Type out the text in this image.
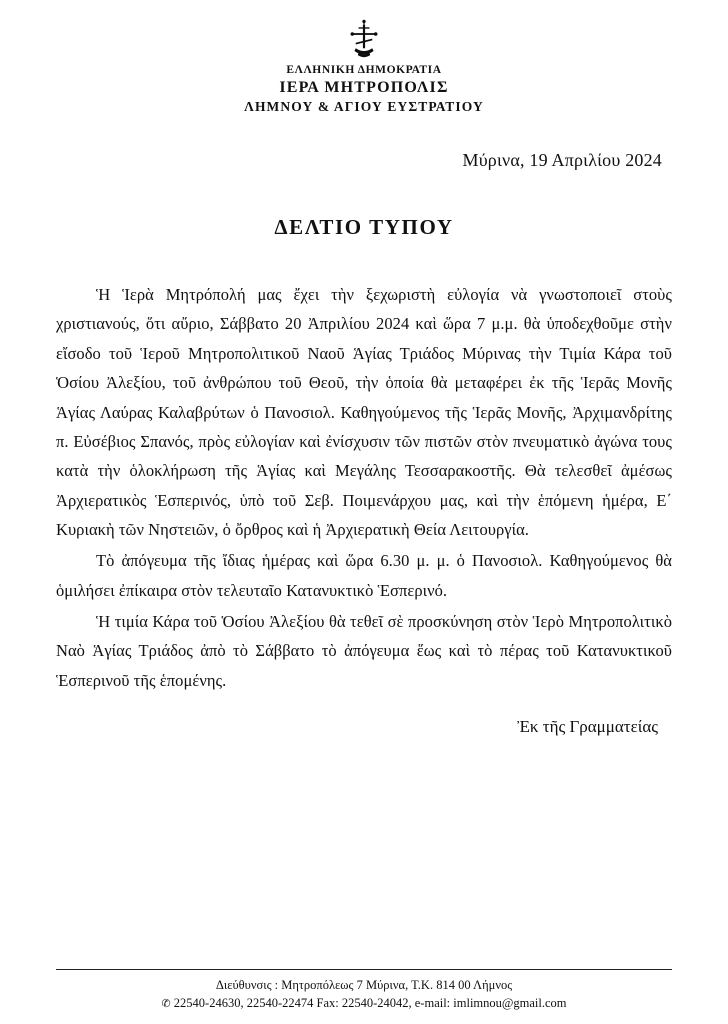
ΕΛΛΗΝΙΚΗ ΔΗΜΟΚΡΑΤΙΑ
ΙΕΡΑ ΜΗΤΡΟΠΟΛΙΣ
ΛΗΜΝΟΥ & ΑΓΙΟΥ ΕΥΣΤΡΑΤΙΟΥ
Μύρινα, 19 Απριλίου 2024
ΔΕΛΤΙΟ ΤΥΠΟΥ

Ἡ Ἱερὰ Μητρόπολή μας ἔχει τὴν ξεχωριστὴ εὐλογία νὰ γνωστοποιεῖ στοὺς χριστιανούς, ὅτι αὔριο, Σάββατο 20 Ἀπριλίου 2024 καὶ ὥρα 7 μ.μ. θὰ ὑποδεχθοῦμε στὴν εἴσοδο τοῦ Ἱεροῦ Μητροπολιτικοῦ Ναοῦ Ἁγίας Τριάδος Μύρινας τὴν Τιμία Κάρα τοῦ Ὁσίου Ἀλεξίου, τοῦ ἀνθρώπου τοῦ Θεοῦ, τὴν ὁποία θὰ μεταφέρει ἐκ τῆς Ἱερᾶς Μονῆς Ἁγίας Λαύρας Καλαβρύτων ὁ Πανοσιολ. Καθηγούμενος τῆς Ἱερᾶς Μονῆς, Ἀρχιμανδρίτης π. Εὐσέβιος Σπανός, πρὸς εὐλογίαν καὶ ἐνίσχυσιν τῶν πιστῶν στὸν πνευματικὸ ἀγώνα τους κατὰ τὴν ὁλοκλήρωση τῆς Ἁγίας καὶ Μεγάλης Τεσσαρακοστῆς. Θὰ τελεσθεῖ ἀμέσως Ἀρχιερατικὸς Ἑσπερινός, ὑπὸ τοῦ Σεβ. Ποιμενάρχου μας, καὶ τὴν ἑπόμενη ἡμέρα, Ε΄ Κυριακὴ τῶν Νηστειῶν, ὁ ὄρθρος καὶ ἡ Ἀρχιερατικὴ Θεία Λειτουργία.

Τὸ ἀπόγευμα τῆς ἴδιας ἡμέρας καὶ ὥρα 6.30 μ. μ. ὁ Πανοσιολ. Καθηγούμενος θὰ ὁμιλήσει ἐπίκαιρα στὸν τελευταῖο Κατανυκτικὸ Ἑσπερινό.

Ἡ τιμία Κάρα τοῦ Ὁσίου Ἀλεξίου θὰ τεθεῖ σὲ προσκύνηση στὸν Ἱερὸ Μητροπολιτικὸ Ναὸ Ἁγίας Τριάδος ἀπὸ τὸ Σάββατο τὸ ἀπόγευμα ἕως καὶ τὸ πέρας τοῦ Κατανυκτικοῦ Ἑσπερινοῦ τῆς ἑπομένης.

Ἐκ τῆς Γραμματείας
Διεύθυνσις : Μητροπόλεως 7 Μύρινα, Τ.Κ. 814 00 Λήμνος
✆ 22540-24630, 22540-22474 Fax: 22540-24042, e-mail: imlimnou@gmail.com
